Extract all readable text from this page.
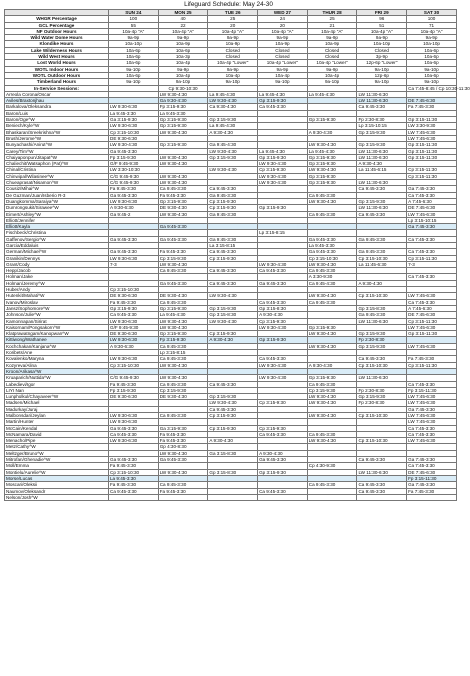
Lifeguard Schedule: May 24-30
	SUN 24	MON 25	TUE 26	WED 27	THUR 28	FRI 29	SAT 30
WHGR Percentage	100	40	25	24	25	96	100
GCL Percentage	55	22	20	20	21	51	71
NF Outdoor Hours	10a-4p "A"	10a-4p "A"	10a-4p "A"	10a-4p "A"	10a-4p "A"	10a-4p "A"	10a-4p "A"
Wild Water Dome Hours	9a-9p	9a-9p	9a-9p	9a-9p	9a-9p	9a-9p	9a-9p
Klondike Hours	10a-10p	10a-9p	10a-9p	10a-9p	10a-9p	10a-10p	10a-10p
Lake Wilderness Hours	10a-6p	10a-6p	Closed	Closed	Closed	Closed	10a-6p
Wild West Hours	10a-6p	10a-3p	Closed	Closed	Closed	3p-9p	10a-6p
Lost World Hours	10a-6p	10a-4p	10a-4p "Lower"	10a-4p "Lower"	10a-4p "Lower"	12p-6p "Lower"	10a-6p
WOTL Indoor Hours	9a-10p	9a-9p	9a-9p	9a-9p	9a-9p	9a-10p	9a-10p
WOTL Outdoor Hours	10a-6p	10a-4p	10a-4p	10a-4p	10a-4p	12p-6p	10a-6p
Timberland Hours	9a-10p	9a-10p	9a-10p	9a-10p	9a-10p	9a-10p	9a-10p
In-Service Sessions:		Cp 9:30-10:30					Ca 7:45-8:45 / Cp 10:30-11:30
Arreola Corona/Oscar		LW 9:30-4:30	La 9:45-4:30	La 9:45-4:30	La 9:45-4:30	LW 11:30-6:30	
Aviles/Braxtonjhau		Ga 9:30-4:30	LW 9:30-4:30	Gp 3:15-9:30		LW 11:30-6:30	DE 7:45-6:30
Barkalova/Oleksandra	LW 9:30-6:30	Fp 3:15-9:30	Ca 9:30-4:30	Ca 9:45-3:30		Ca 9:45-3:30	Fa 7:45-3:30
Baron/Luis	La 9:45-3:30	La 9:45-3:30					
Baron/Oge^W	Ga 3:15-9:30	Gp 3:15-9:30	Gp 3:15-9:30		Gp 3:15-9:30	Fp 2:30-8:30	Gp 3:15-11:30
Beniech/Kyle^W	LW 9:30-6:30	Gp 3:15-9:30	La 9:45-4:30			Lp 3:15-10:15	LW 3:30-9:30
Bhaskaran/Sreekrishna^W	Cp 3:15-10:30	LW 9:30-4:30	A 9:30-4:30		A 9:30-4:30	Gp 3:15-9:30	LW 7:45-6:30
Brush/Jerome^W	DE 9:30-6:30						LW 7:45-6:30
Bunyachashi/Anirut^W	LW 9:30-4:30	Gp 3:15-9:30	Ga 9:45-4:30		LW 9:30-4:30	Gp 3:15-9:30	Gp 3:15-11:30
Carey/Tim^W	Ga 9:45-3:30		LW 9:30-4:30	La 9:45-4:30	La 9:45-4:30	LW 11:30-6:30	Gp 3:15-11:30
Chaiyaponpun/Jitapat^W	Fp 3:15-9:30	LW 9:30-4:30	Gp 3:15-9:30	Gp 3:15-9:30	Gp 3:15-9:30	LW 11:30-6:30	Gp 3:15-11:30
Chaliechit/Watsaphon (Pat)^W	G/F 9:45-9:30	LW 9:30-4:30		LW 9:30-4:30	Gp 3:15-9:30	A 9:30-4:30	
Chinal/Cristina	LW 3:30-10:30		LW 9:30-4:30	Cp 3:15-9:30	LW 9:30-4:30	La 11:45-6:15	Cp 3:15-11:30
Chinwipal/Wilasinee^W	C/G 9:45-9:30	LW 9:30-4:30		LW 9:30-4:30	Gp 3:15-9:30		Cp 3:15-11:30
Chueaprasat/Nisamon^W	C/G 9:45-9:30	LW 9:30-4:30		LW 9:30-4:30	Gp 3:15-9:30	LW 11:30-6:30	
Cousiz/Mihai^W	Fa 9:45-3:30	Ca 9:45-3:30	Ca 9:45-3:30			Ca 9:45-3:30	Ga 7:45-3:30
De Guzman/Juan/Isberio R-3	Ga 9:45-3:30	Fa 9:45-3:30	Ga 9:45-3:30		Ca 9:45-3:30		Ca 7:45-3:30
Duangkomma/Saraiya^W	LW 9:30-6:30	Gp 3:15-9:30	Cp 3:15-9:30		LW 9:30-4:30	Gp 3:15-9:30	A 7:45-6:30
Dumrongsukit/Sirawee^W	A 9:30-6:30	DE 9:30-4:30	Cp 3:15-9:30	Gp 3:15-9:30		LW 11:30-6:30	DE 7:45-6:30
Eimert/Ashley^W	Ga 9:45-2	LW 9:30-4:30	Ga 9:45-3:30		Ca 9:45-3:30	Ca 9:45-3:30	LW 7:45-6:30
Elliott/Jennifer							Lp 3:15-10:15
Elliott/Kayla		Ga 9:45-3:30					Ga 7:45-3:30
Fischbeck/Christina				Lp 3:15-8:15			
Gaffenov/Sergio^W	Ga 9:45-3:30	Ga 9:45-3:30	Ga 9:45-3:30		Ga 9:45-3:30	Ga 9:45-3:30	Ca 7:45-3:30
Garcia/Eddaluis			La 3:15-8:15		La 9:45-3:30		
German/Michael^W	Ga 9:45-3:30	Fa 9:45-3:30	Ca 9:45-3:30		Ga 9:45-3:30	Ga 9:45-3:30	Ca 7:45-3:30
Granikin/Dennys	LW 9:30-6:30	Cp 3:15-9:30	Cp 3:15-9:30		Cp 3:15-10:30	Cp 3:15-10:30	Cp 3:15-11:30
Grant/Cody	7-3	LW 9:30-4:30		LW 9:30-4:30	LW 9:30-4:30	La 11:45-6:30	7-3
Hepp/Jacob		Ca 9:45-3:30	Ca 9:45-3:30	Ca 9:45-3:30	Ca 9:45-3:30		
Holman/Jake					A 3:30-9:30		Ca 7:45-3:30
Holman/Jeremy^W		Ga 9:45-3:30	Ca 9:45-3:30	Ga 9:45-3:30	Ca 9:45-4:30	A 9:30-4:30	
Huber/Andy	Cp 3:15-10:30						
Hutenkit/Mahati^W	DE 9:30-6:30	DE 9:30-4:30	LW 9:30-4:30		LW 9:30-4:30	Cp 3:15-10:30	LW 7:45-6:30
Ivanov/Miroslav	Fa 9:45-3:30	Ca 9:45-3:30		Ca 9:45-3:30	Ca 9:45-3:30		Ca 7:45-3:30
Jansz/Sophomore^W	Gp 3:15-9:30	Gp 3:15-9:30	Gp 3:15-9:30	Gp 3:15-8:30		Gp 3:15-8:30	A 7:45-6:30
Johnson/Julie^W	Ca 9:45-3:30	La 9:45-4:30	Gp 3:15-8:30	A 9:30-4:30		Ga 9:45-3:30	DE 7:45-6:30
Kamonnapan/Sirirat	LW 9:30-6:30	LW 9:30-4:30	LW 9:30-4:30	Cp 3:15-9:30		LW 11:30-6:30	Cp 3:15-11:30
Kaisornam/Pongsakorn^W	G/F 9:45-9:30	LW 9:30-4:30		LW 9:30-4:30	Gp 3:15-9:30		LW 7:45-6:30
Klatprawatngam/Kanopwan^W	DE 9:30-6:30	Gp 3:15-9:30	Cp 3:15-9:30		LW 9:30-4:30	Gp 3:15-9:30	Gp 3:15-11:30
Kittiwong/Wathanee	LW 9:30-6:30	Fp 3:15-9:30	A 9:30-4:30	Gp 3:15-9:30		Fp 2:30-8:30	
Kochchakan/Kanjana^W	A 9:30-6:30	Ca 9:45-3:30			LW 9:30-4:30	Gp 3:15-9:30	LW 7:45-6:30
Koribets/Ane		Lp 3:15-8:15					
Kovalenko/Maryna	LW 9:30-6:30	Ca 9:45-3:30		Ca 9:45-3:30		Ca 9:45-3:30	Fa 7:45-3:30
Kozyreva/Alina	Cp 3:15-10:30	LW 9:30-4:30		LW 9:30-4:30	A 9:30-4:30	Cp 3:15-10:30	Cp 3:15-11:30
Kroon/Arikasa^W							
Kruaparich/Nuttida^W	C/G 9:45-9:30	LW 9:30-4:30		LW 9:30-4:30	Gp 3:15-9:30	LW 11:30-6:30	
Labedievi/Igor	Fa 9:45-3:30	Ca 9:45-3:30	Ca 9:45-3:30		Ca 9:45-3:30		Ca 7:45-3:30
LIYI Nan	Fp 3:15-9:30	Cp 3:15-9:30			Cp 3:15-9:30	Fp 2:30-8:30	Fp 3:15-11:30
Lunpholkul/Chayaveer^W	DE 9:30-6:30	DE 9:30-4:30	Gp 3:15-9:30		LW 9:30-4:30	Gp 3:15-9:30	LW 7:45-6:30
Madsen/Michael			LW 9:30-4:30	Cp 3:15-9:30	LW 9:30-4:30	Fp 2:30-8:30	LW 7:45-6:30
Madurkay/Juraj			Ca 9:45-3:30				Ga 7:45-3:30
Malbonsdari/Jeylan	LW 9:30-6:30	Ca 9:45-3:30	Cp 3:15-9:30		LW 9:30-4:30	Cp 3:15-10:30	LW 7:45-6:30
Martin/Hunter	LW 9:30-6:30						LW 7:45-6:30
McCain/Kendal	Ga 9:45-3:30	Ga 3:15-9:30	Cp 3:15-9:30	Cp 3:15-9:30			Ca 7:45-3:30
McNamara/David	Ca 9:45-3:30	Fa 9:45-3:30		Ca 9:45-3:30	Ca 9:45-3:30		Ca 7:45-3:30
Menacho/Pipe	LW 9:30-6:30	Fa 9:45-3:30	A 9:30-4:30		LW 9:30-4:30	Cp 3:15-10:30	LW 7:45-6:30
Metz/Cathy^W		Gp 4:30-8:30					
Meltzger/Bruno^W		LW 9:30-4:30	Ga 3:15-8:30	A 9:30-4:30			
Mitrofan/Ghenadie^W	Ga 9:45-3:30	Ga 9:45-3:30		Ga 9:45-3:30		Ca 9:45-3:30	Ga 7:45-3:30
Moll/Emma	Fa 9:45-3:30				Cp 4:30-9:30		Ca 7:45-3:30
Montielu/Aurelie^W	Cp 3:15-10:30	LW 9:30-4:30	Gp 3:15-8:30	Gp 3:15-9:30		LW 11:30-6:30	DE 7:45-6:30
Morse/Lucas	La 9:45-3:30						Fp 3:15-11:30
Moscari/Oleksii	Fa 9:45-3:30	Ca 9:45-3:30			Ca 9:45-3:30	Ca 9:45-3:30	Ga 7:45-3:30
Naumov/Oleksandr	Ca 9:45-3:30	Fa 9:45-3:30		Ca 9:45-3:30		Ca 9:45-3:30	Fa 7:45-3:30
Nelson/Josh^W							
